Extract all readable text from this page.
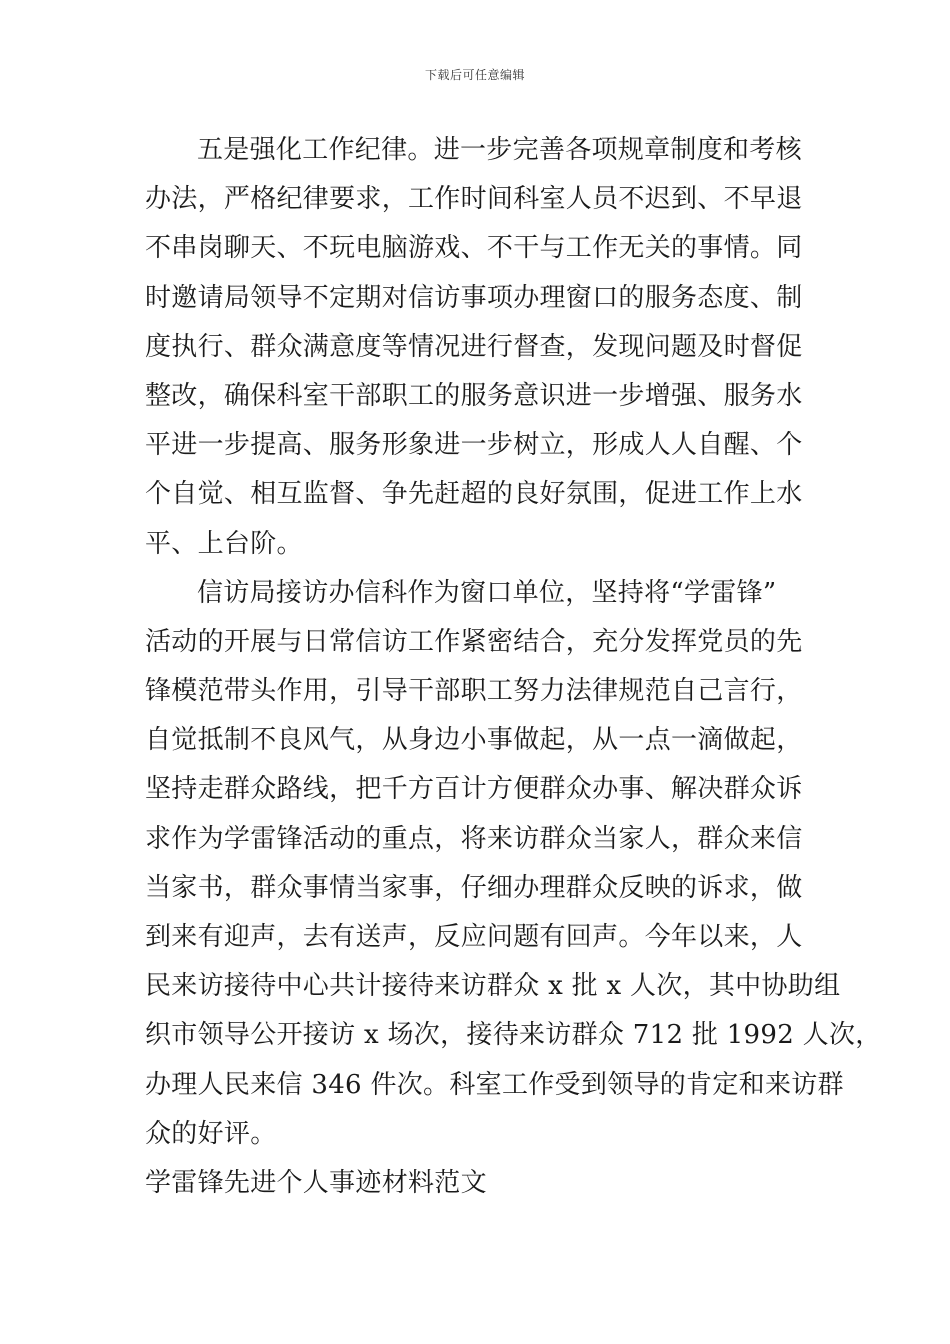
下载后可任意编辑
五是强化工作纪律。进一步完善各项规章制度和考核
办法，严格纪律要求，工作时间科室人员不迟到、不早退
不串岗聊天、不玩电脑游戏、不干与工作无关的事情。同
时邀请局领导不定期对信访事项办理窗口的服务态度、制
度执行、群众满意度等情况进行督查，发现问题及时督促
整改，确保科室干部职工的服务意识进一步增强、服务水
平进一步提高、服务形象进一步树立，形成人人自醒、个
个自觉、相互监督、争先赶超的良好氛围，促进工作上水
平、上台阶。
信访局接访办信科作为窗口单位，坚持将“学雷锋”
活动的开展与日常信访工作紧密结合，充分发挥党员的先
锋模范带头作用，引导干部职工努力法律规范自己言行，
自觉抵制不良风气，从身边小事做起，从一点一滴做起，
坚持走群众路线，把千方百计方便群众办事、解决群众诉
求作为学雷锋活动的重点，将来访群众当家人，群众来信
当家书，群众事情当家事，仔细办理群众反映的诉求，做
到来有迎声，去有送声，反应问题有回声。今年以来，人
民来访接待中心共计接待来访群众 x 批 x 人次，其中协助组
织市领导公开接访 x 场次，接待来访群众 712 批 1992 人次，
办理人民来信 346 件次。科室工作受到领导的肯定和来访群
众的好评。
学雷锋先进个人事迹材料范文
